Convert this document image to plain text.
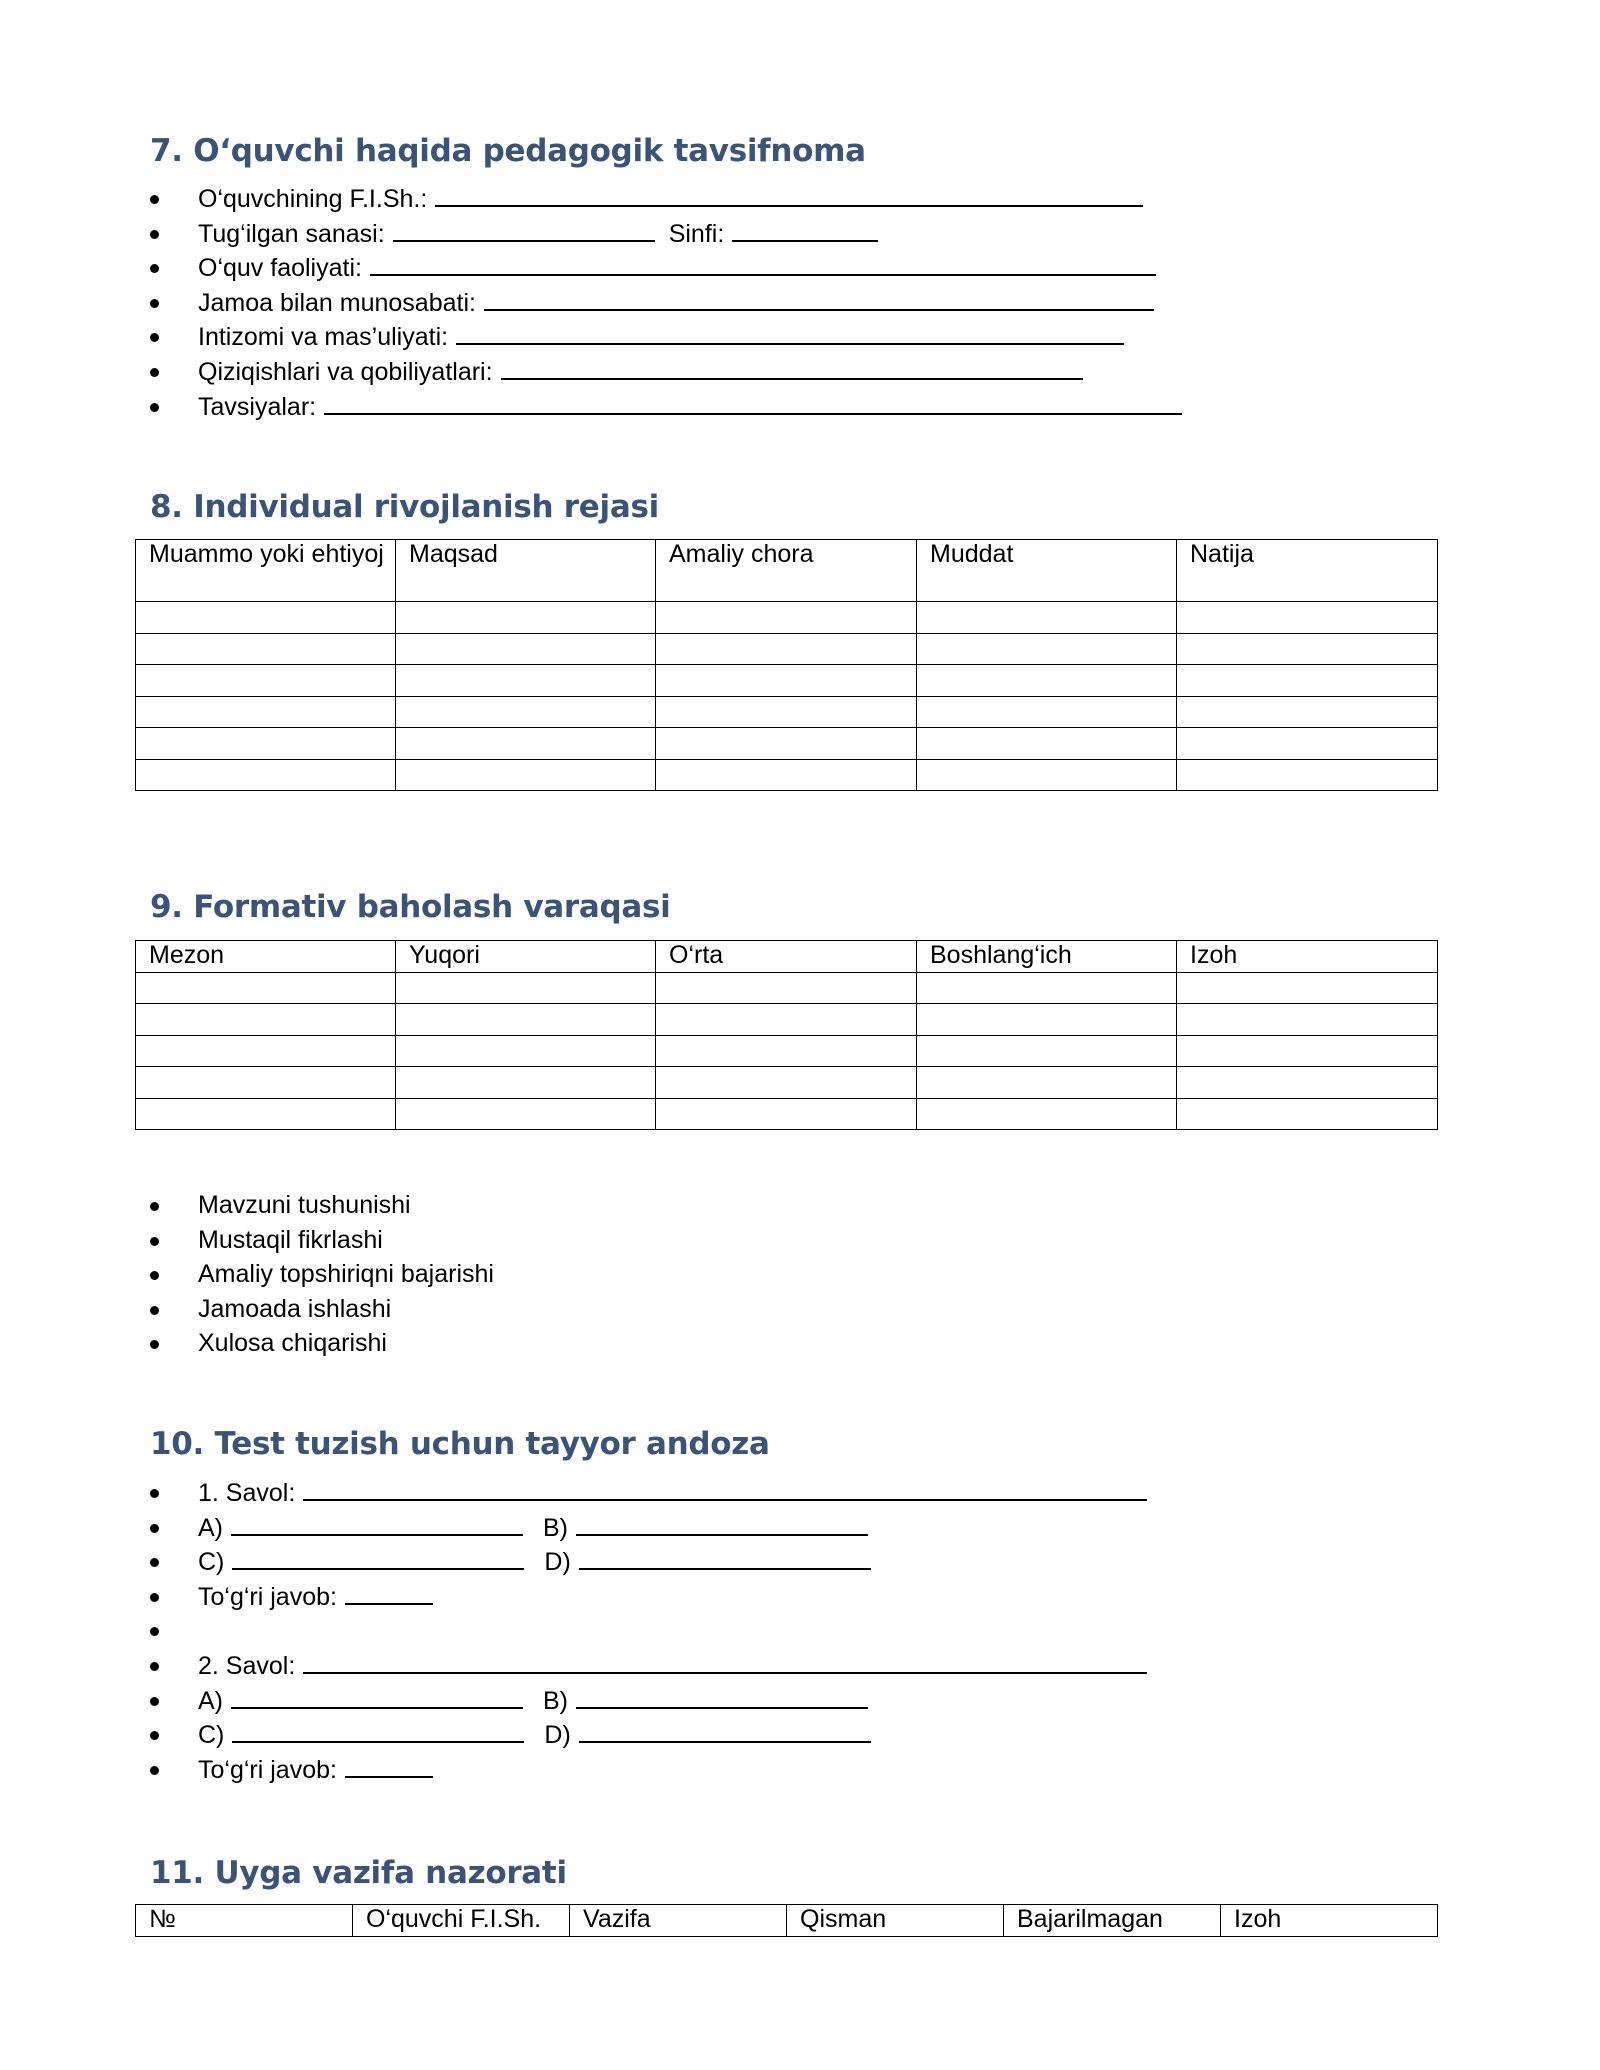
7. O‘quvchi haqida pedagogik tavsifnoma
O‘quvchining F.I.Sh.:
Tug‘ilgan sanasi:	Sinfi:
O‘quv faoliyati:
Jamoa bilan munosabati:
Intizomi va mas’uliyati:
Qiziqishlari va qobiliyatlari:
Tavsiyalar:
8. Individual rivojlanish rejasi
Muammo yoki ehtiyoj	Maqsad	Amaliy chora	Muddat	Natija

9. Formativ baholash varaqasi
Mezon	Yuqori	O‘rta	Boshlang‘ich	Izoh

Mavzuni tushunishi
Mustaqil fikrlashi
Amaliy topshiriqni bajarishi
Jamoada ishlashi
Xulosa chiqarishi
10. Test tuzish uchun tayyor andoza
1. Savol:
A)	B)
C)	D)
To‘g‘ri javob:
2. Savol:
A)	B)
C)	D)
To‘g‘ri javob:
11. Uyga vazifa nazorati
№	O‘quvchi F.I.Sh.	Vazifa	Qisman	Bajarilmagan	Izoh
